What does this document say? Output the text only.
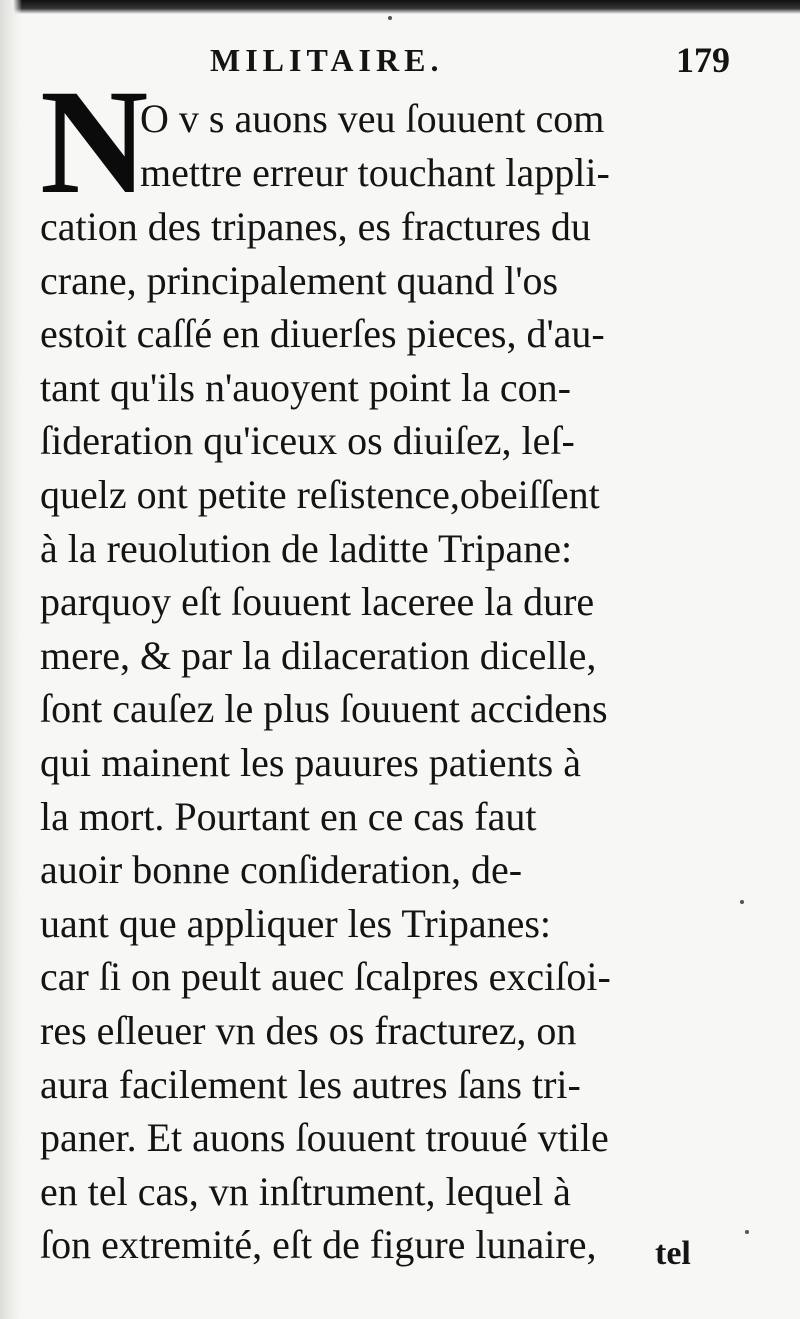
MILITAIRE.	179
N
O v s auons veu ſouuent com
mettre erreur touchant lappli-
cation des tripanes, es fractures du
crane, principalement quand l'os
estoit caſſé en diuerſes pieces, d'au-
tant qu'ils n'auoyent point la con-
ſideration qu'iceux os diuiſez, leſ-
quelz ont petite reſistence,obeiſſent
à la reuolution de laditte Tripane:
parquoy eſt ſouuent laceree la dure
mere, & par la dilaceration dicelle,
ſont cauſez le plus ſouuent accidens
qui mainent les pauures patients à
la mort. Pourtant en ce cas faut
auoir bonne conſideration, de-
uant que appliquer les Tripanes:
car ſi on peult auec ſcalpres exciſoi-
res eſleuer vn des os fracturez, on
aura facilement les autres ſans tri-
paner. Et auons ſouuent trouué vtile
en tel cas, vn inſtrument, lequel à
ſon extremité, eſt de figure lunaire, tel
